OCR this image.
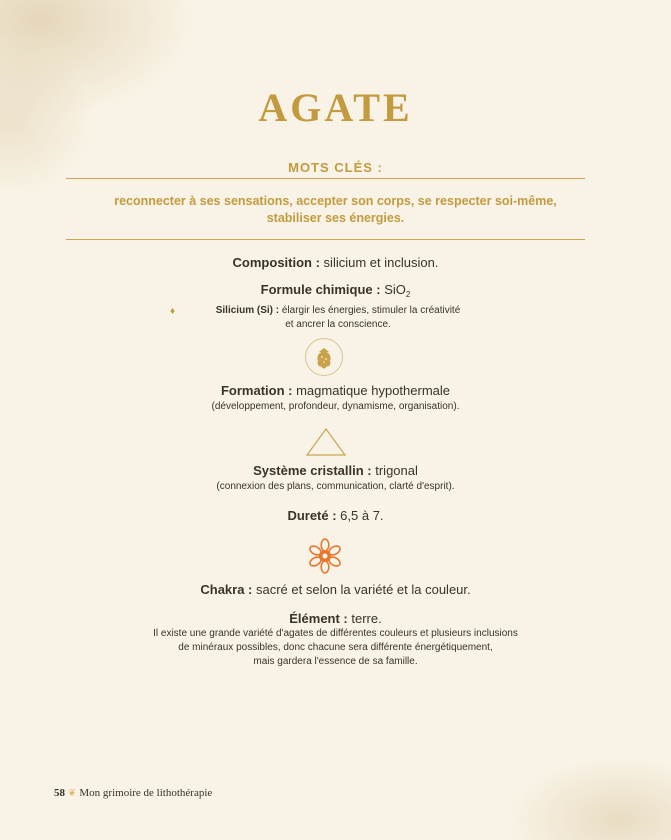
AGATE
MOTS CLÉS :
reconnecter à ses sensations, accepter son corps, se respecter soi-même,
stabiliser ses énergies.
Composition : silicium et inclusion.
Formule chimique : SiO$_2$
♦	Silicium (Si) : élargir les énergies, stimuler la créativité
et ancrer la conscience.
Formation : magmatique hypothermale
(développement, profondeur, dynamisme, organisation).
Système cristallin : trigonal
(connexion des plans, communication, clarté d'esprit).
Dureté : 6,5 à 7.
Chakra : sacré et selon la variété et la couleur.
Élément : terre.
Il existe une grande variété d'agates de différentes couleurs et plusieurs inclusions
de minéraux possibles, donc chacune sera différente énergétiquement,
mais gardera l'essence de sa famille.
58 ❦ Mon grimoire de lithothérapie
